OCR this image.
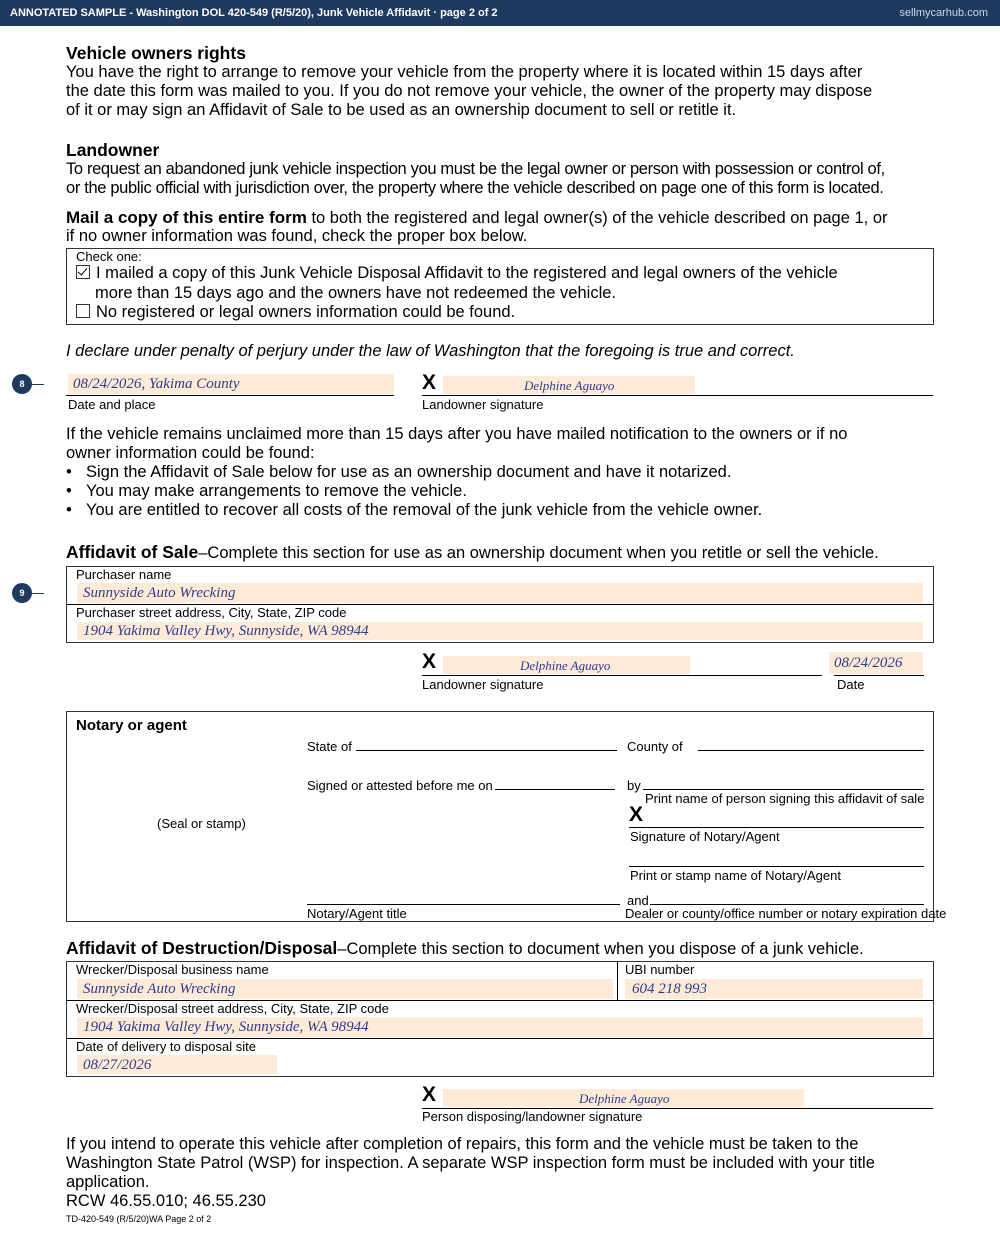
ANNOTATED SAMPLE - Washington DOL 420-549 (R/5/20), Junk Vehicle Affidavit · page 2 of 2	sellmycarhub.com
Vehicle owners rights
You have the right to arrange to remove your vehicle from the property where it is located within 15 days after
the date this form was mailed to you. If you do not remove your vehicle, the owner of the property may dispose
of it or may sign an Affidavit of Sale to be used as an ownership document to sell or retitle it.
Landowner
To request an abandoned junk vehicle inspection you must be the legal owner or person with possession or control of,
or the public official with jurisdiction over, the property where the vehicle described on page one of this form is located.
Mail a copy of this entire form to both the registered and legal owner(s) of the vehicle described on page 1, or
if no owner information was found, check the proper box below.
Check one:
I mailed a copy of this Junk Vehicle Disposal Affidavit to the registered and legal owners of the vehicle
more than 15 days ago and the owners have not redeemed the vehicle.
No registered or legal owners information could be found.
I declare under penalty of perjury under the law of Washington that the foregoing is true and correct.
8	08/24/2026, Yakima County
Date and place
X	Delphine Aguayo
Landowner signature
If the vehicle remains unclaimed more than 15 days after you have mailed notification to the owners or if no
owner information could be found:
• Sign the Affidavit of Sale below for use as an ownership document and have it notarized.
• You may make arrangements to remove the vehicle.
• You are entitled to recover all costs of the removal of the junk vehicle from the vehicle owner.
Affidavit of Sale–Complete this section for use as an ownership document when you retitle or sell the vehicle.
9
Purchaser name
Sunnyside Auto Wrecking
Purchaser street address, City, State, ZIP code
1904 Yakima Valley Hwy, Sunnyside, WA 98944
X	Delphine Aguayo
Landowner signature
08/24/2026
Date
Notary or agent
State of	County of
Signed or attested before me on	by
Print name of person signing this affidavit of sale
(Seal or stamp)	X
Signature of Notary/Agent
Print or stamp name of Notary/Agent
Notary/Agent title
and
Dealer or county/office number or notary expiration date
Affidavit of Destruction/Disposal–Complete this section to document when you dispose of a junk vehicle.
Wrecker/Disposal business name
Sunnyside Auto Wrecking
UBI number
604 218 993
Wrecker/Disposal street address, City, State, ZIP code
1904 Yakima Valley Hwy, Sunnyside, WA 98944
Date of delivery to disposal site
08/27/2026
X	Delphine Aguayo
Person disposing/landowner signature
If you intend to operate this vehicle after completion of repairs, this form and the vehicle must be taken to the
Washington State Patrol (WSP) for inspection. A separate WSP inspection form must be included with your title
application.
RCW 46.55.010; 46.55.230
TD-420-549 (R/5/20)WA Page 2 of 2
